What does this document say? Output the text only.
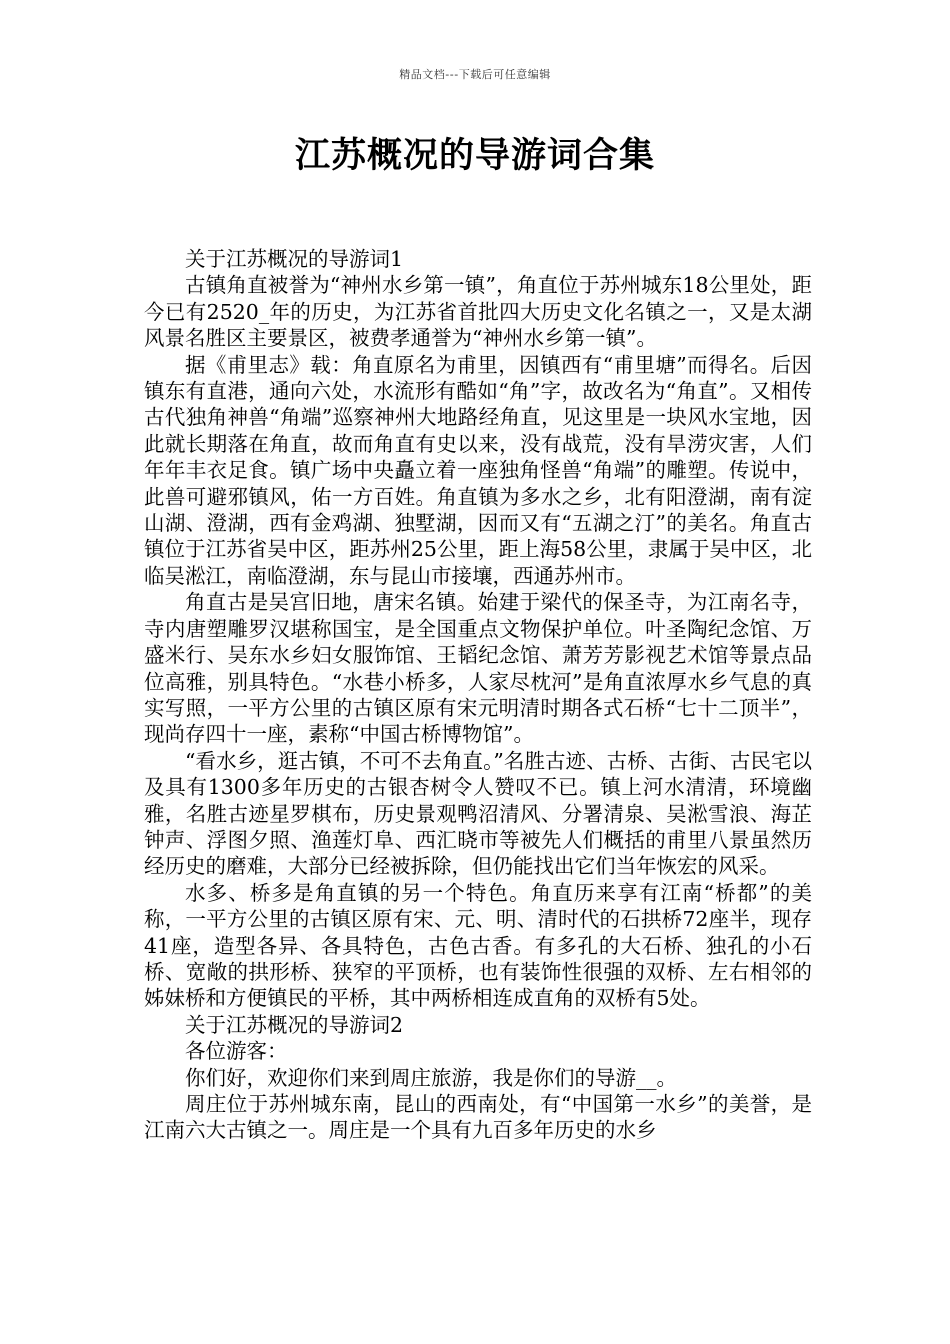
精品文档---下载后可任意编辑
江苏概况的导游词合集

关于江苏概况的导游词1

古镇角直被誉为“神州水乡第一镇”，角直位于苏州城东18公里处，距今已有2520_年的历史，为江苏省首批四大历史文化名镇之一，又是太湖风景名胜区主要景区，被费孝通誉为“神州水乡第一镇”。

据《甫里志》载：角直原名为甫里，因镇西有“甫里塘”而得名。后因镇东有直港，通向六处，水流形有酷如“角”字，故改名为“角直”。又相传古代独角神兽“角端”巡察神州大地路经角直，见这里是一块风水宝地，因此就长期落在角直，故而角直有史以来，没有战荒，没有旱涝灾害，人们年年丰衣足食。镇广场中央矗立着一座独角怪兽“角端”的雕塑。传说中，此兽可避邪镇风，佑一方百姓。角直镇为多水之乡，北有阳澄湖，南有淀山湖、澄湖，西有金鸡湖、独墅湖，因而又有“五湖之汀”的美名。角直古镇位于江苏省吴中区，距苏州25公里，距上海58公里，隶属于吴中区，北临吴淞江，南临澄湖，东与昆山市接壤，西通苏州市。

角直古是吴宫旧地，唐宋名镇。始建于梁代的保圣寺，为江南名寺，寺内唐塑雕罗汉堪称国宝，是全国重点文物保护单位。叶圣陶纪念馆、万盛米行、吴东水乡妇女服饰馆、王韬纪念馆、萧芳芳影视艺术馆等景点品位高雅，别具特色。“水巷小桥多，人家尽枕河”是角直浓厚水乡气息的真实写照，一平方公里的古镇区原有宋元明清时期各式石桥“七十二顶半”，现尚存四十一座，素称“中国古桥博物馆”。

“看水乡，逛古镇，不可不去角直。”名胜古迹、古桥、古街、古民宅以及具有1300多年历史的古银杏树令人赞叹不已。镇上河水清清，环境幽雅，名胜古迹星罗棋布，历史景观鸭沼清风、分署清泉、吴淞雪浪、海芷钟声、浮图夕照、渔莲灯阜、西汇晓市等被先人们概括的甫里八景虽然历经历史的磨难，大部分已经被拆除，但仍能找出它们当年恢宏的风采。

水多、桥多是角直镇的另一个特色。角直历来享有江南“桥都”的美称，一平方公里的古镇区原有宋、元、明、清时代的石拱桥72座半，现存41座，造型各异、各具特色，古色古香。有多孔的大石桥、独孔的小石桥、宽敞的拱形桥、狭窄的平顶桥，也有装饰性很强的双桥、左右相邻的姊妹桥和方便镇民的平桥，其中两桥相连成直角的双桥有5处。

关于江苏概况的导游词2

各位游客：

你们好，欢迎你们来到周庄旅游，我是你们的导游__。

周庄位于苏州城东南，昆山的西南处，有“中国第一水乡”的美誉，是江南六大古镇之一。周庄是一个具有九百多年历史的水乡
